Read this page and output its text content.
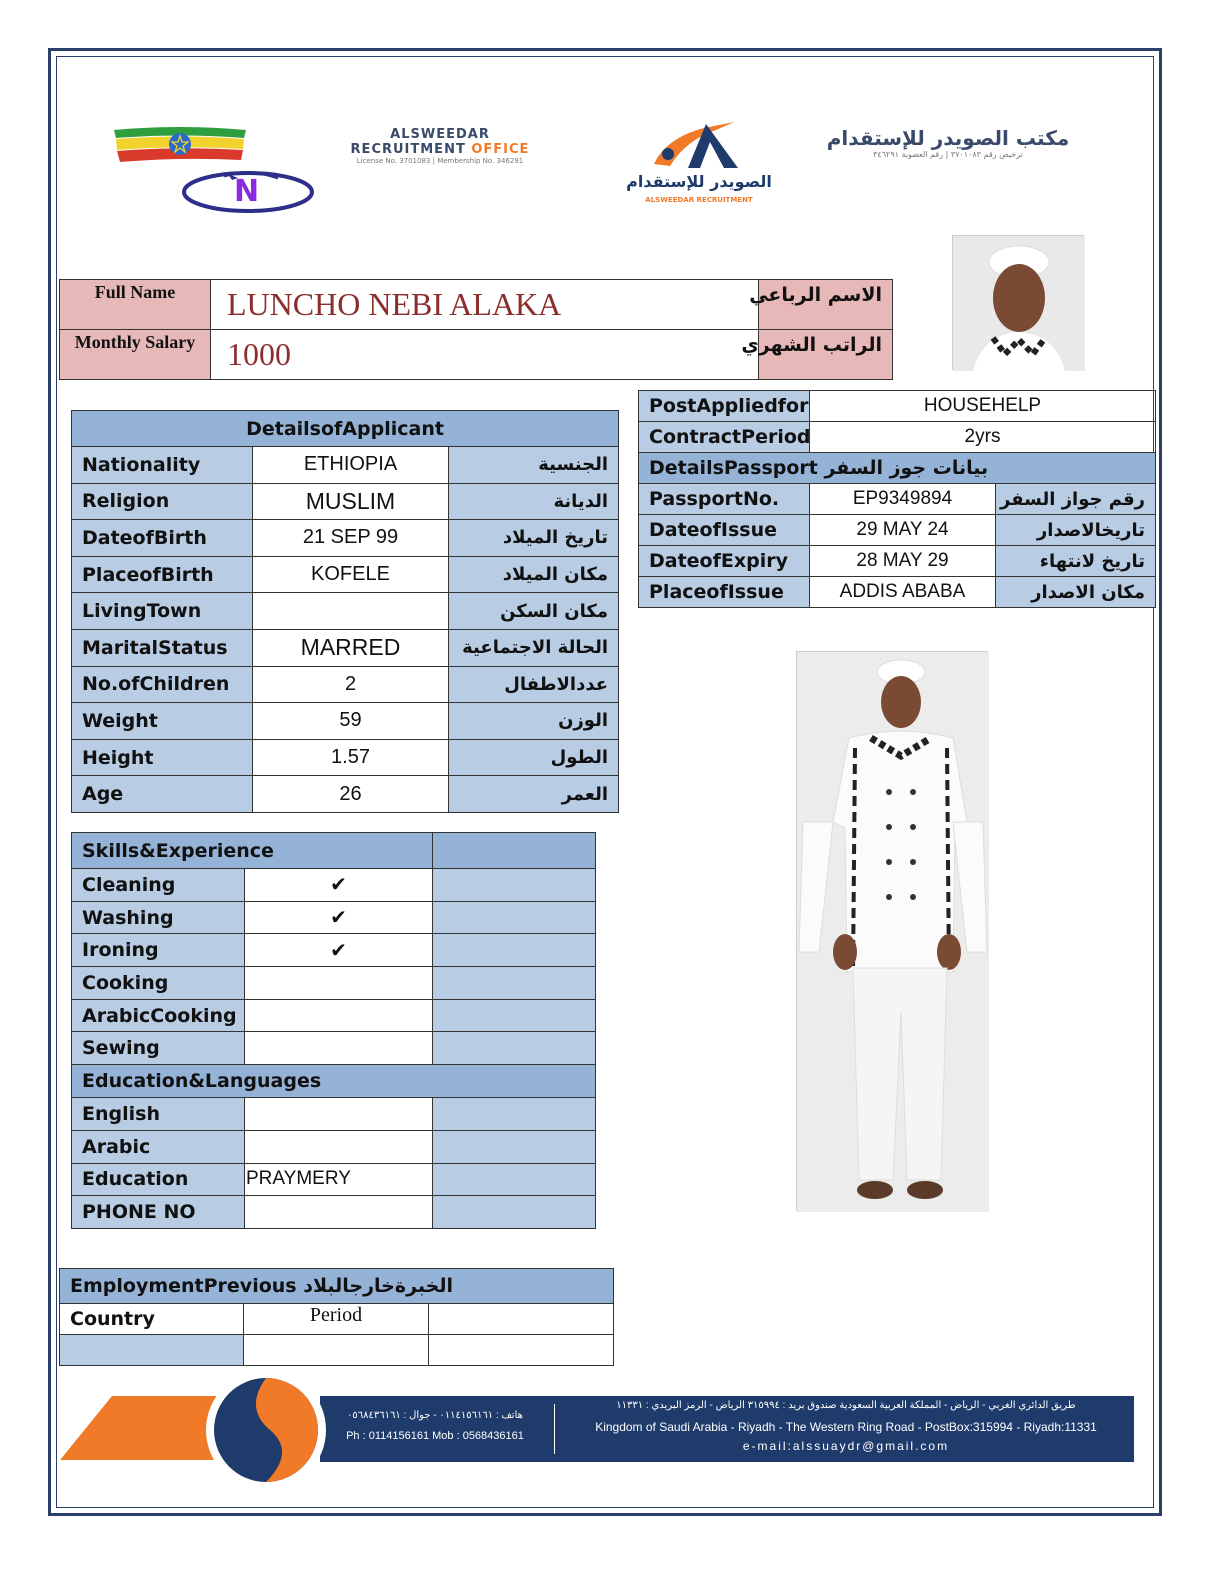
N
ALSWEEDAR
RECRUITMENT OFFICE
License No. 3701083 | Membership No. 346291
الصويدر للإستقدام
ALSWEEDAR RECRUITMENT
مكتب الصويدر للإستقدام
ترخيص رقم ٣٧٠١٠٨٣ | رقم العضوية ٣٤٦٢٩١
Full Name	LUNCHO NEBI ALAKA	الاسم الرباعي
Monthly Salary	1000	الراتب الشهري
DetailsofApplicant		
Nationality	ETHIOPIA	الجنسية
Religion	MUSLIM	الديانة
DateofBirth	21 SEP 99	تاريخ الميلاد
PlaceofBirth	KOFELE	مكان الميلاد
LivingTown		مكان السكن
MaritalStatus	MARRED	الحالة الاجتماعية
No.ofChildren	2	عددالاطفال
Weight	59	الوزن
Height	1.57	الطول
Age	26	العمر
PostAppliedfor	HOUSEHELP	
ContractPeriod	2yrs	
DetailsPassport بيانات جوز السفر		
PassportNo.	EP9349894	رقم جواز السفر
DateofIssue	29 MAY 24	تاريخالاصدار
DateofExpiry	28 MAY 29	تاريخ لانتهاء
PlaceofIssue	ADDIS ABABA	مكان الاصدار
Skills&Experience		
Cleaning	✔	
Washing	✔	
Ironing	✔	
Cooking		
ArabicCooking		
Sewing		
Education&Languages		
English		
Arabic		
Education	PRAYMERY	
PHONE NO		
EmploymentPrevious الخبرةخارجالبلاد		
Country	Period	

هاتف : ٠١١٤١٥٦١٦١ - جوال : ٠٥٦٨٤٣٦١٦١
Ph : 0114156161 Mob : 0568436161
طريق الدائري الغربي - الرياض - المملكة العربية السعودية صندوق بريد : ٣١٥٩٩٤ الرياض - الرمز البريدي : ١١٣٣١
Kingdom of Saudi Arabia - Riyadh - The Western Ring Road - PostBox:315994 - Riyadh:11331
e-mail:alssuaydr@gmail.com
